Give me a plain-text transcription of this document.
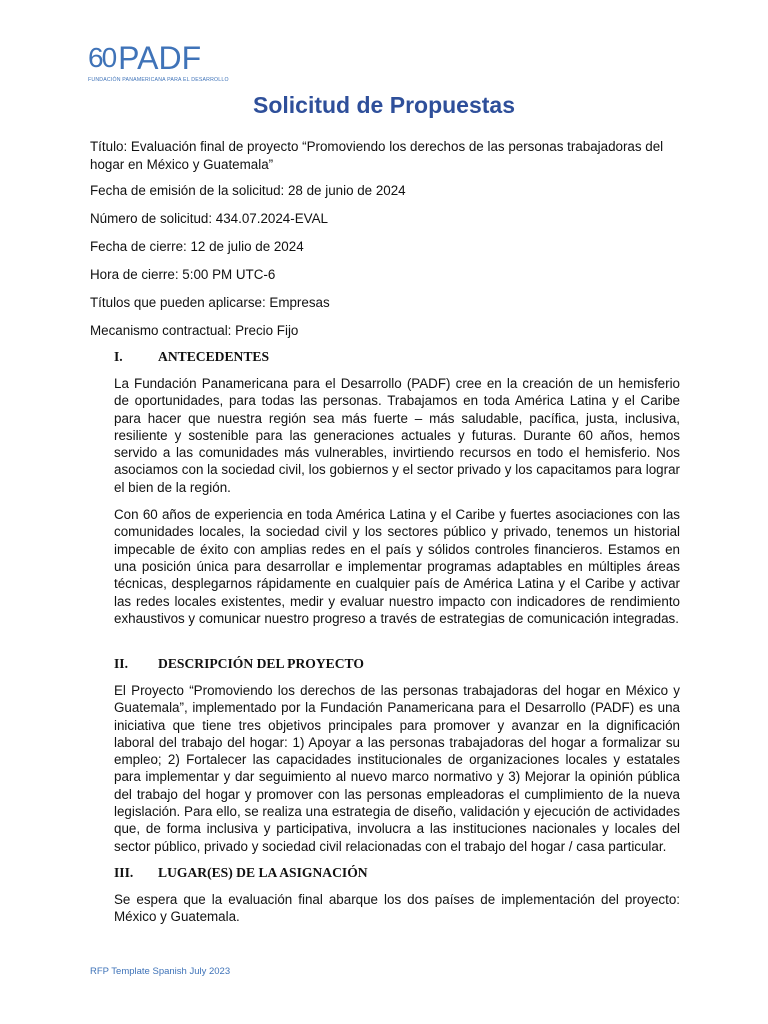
60 PADF
FUNDACIÓN PANAMERICANA PARA EL DESARROLLO
Solicitud de Propuestas

Título: Evaluación final de proyecto “Promoviendo los derechos de las personas trabajadoras del hogar en México y Guatemala”

Fecha de emisión de la solicitud: 28 de junio de 2024

Número de solicitud: 434.07.2024-EVAL

Fecha de cierre: 12 de julio de 2024

Hora de cierre: 5:00 PM UTC-6

Títulos que pueden aplicarse: Empresas

Mecanismo contractual: Precio Fijo

I.	ANTECEDENTES

La Fundación Panamericana para el Desarrollo (PADF) cree en la creación de un hemisferio de oportunidades, para todas las personas. Trabajamos en toda América Latina y el Caribe para hacer que nuestra región sea más fuerte – más saludable, pacífica, justa, inclusiva, resiliente y sostenible para las generaciones actuales y futuras. Durante 60 años, hemos servido a las comunidades más vulnerables, invirtiendo recursos en todo el hemisferio. Nos asociamos con la sociedad civil, los gobiernos y el sector privado y los capacitamos para lograr el bien de la región.

Con 60 años de experiencia en toda América Latina y el Caribe y fuertes asociaciones con las comunidades locales, la sociedad civil y los sectores público y privado, tenemos un historial impecable de éxito con amplias redes en el país y sólidos controles financieros. Estamos en una posición única para desarrollar e implementar programas adaptables en múltiples áreas técnicas, desplegarnos rápidamente en cualquier país de América Latina y el Caribe y activar las redes locales existentes, medir y evaluar nuestro impacto con indicadores de rendimiento exhaustivos y comunicar nuestro progreso a través de estrategias de comunicación integradas.

II.	DESCRIPCIÓN DEL PROYECTO

El Proyecto “Promoviendo los derechos de las personas trabajadoras del hogar en México y Guatemala”, implementado por la Fundación Panamericana para el Desarrollo (PADF) es una iniciativa que tiene tres objetivos principales para promover y avanzar en la dignificación laboral del trabajo del hogar: 1) Apoyar a las personas trabajadoras del hogar a formalizar su empleo; 2) Fortalecer las capacidades institucionales de organizaciones locales y estatales para implementar y dar seguimiento al nuevo marco normativo y 3) Mejorar la opinión pública del trabajo del hogar y promover con las personas empleadoras el cumplimiento de la nueva legislación. Para ello, se realiza una estrategia de diseño, validación y ejecución de actividades que, de forma inclusiva y participativa, involucra a las instituciones nacionales y locales del sector público, privado y sociedad civil relacionadas con el trabajo del hogar / casa particular.

III.	LUGAR(ES) DE LA ASIGNACIÓN

Se espera que la evaluación final abarque los dos países de implementación del proyecto: México y Guatemala.

RFP Template Spanish July 2023
